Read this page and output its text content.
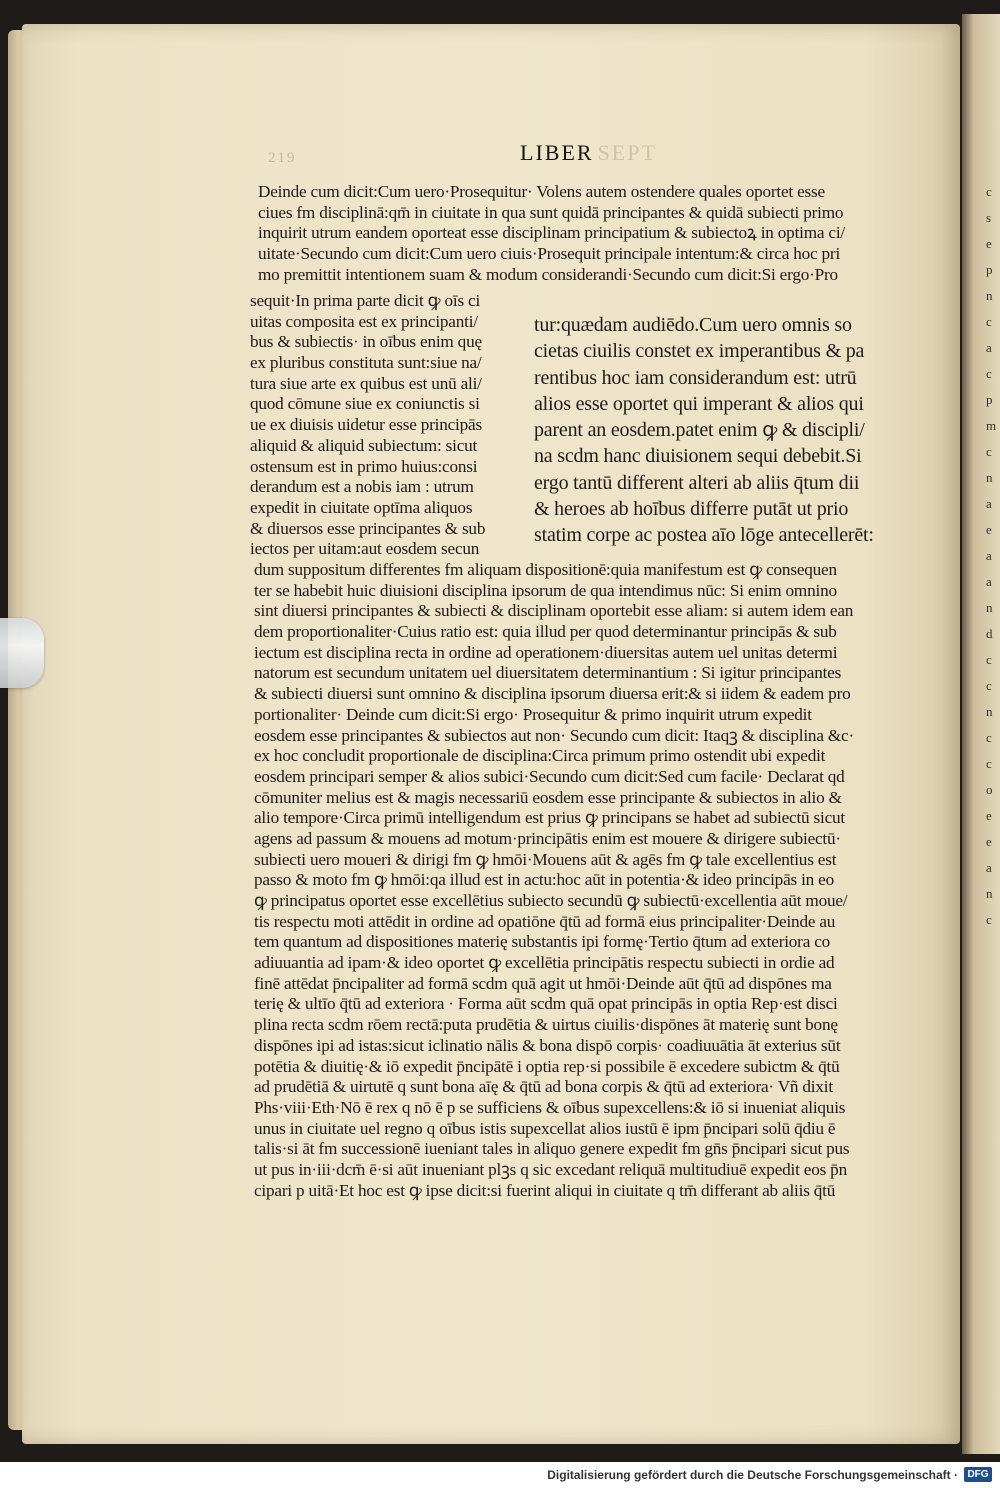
c
s
e
p
n
c
a
c
p
m
c
n
a
e
a
a
n
d
c
c
n
c
c
o
e
e
a
n
c
219	LIBER SEPT
Deinde cum dicit:Cum uero·Prosequitur· Volens autem ostendere quales oportet esse
ciues fm disciplinā:qm̄ in ciuitate in qua sunt quidā principantes & quidā subiecti primo
inquirit utrum eandem oporteat esse disciplinam principatium & subiectoꝝ in optima ci/
uitate·Secundo cum dicit:Cum uero ciuis·Prosequit principale intentum:& circa hoc pri
mo premittit intentionem suam & modum considerandi·Secundo cum dicit:Si ergo·Pro
sequit·In prima parte dicit ꝙ oīs ci
uitas composita est ex principanti/
bus & subiectis· in oībus enim quę
ex pluribus constituta sunt:siue na/
tura siue arte ex quibus est unū ali/
quod cōmune siue ex coniunctis si
ue ex diuisis uidetur esse principās
aliquid & aliquid subiectum: sicut
ostensum est in primo huius:consi
derandum est a nobis iam : utrum
expedit in ciuitate optīma aliquos
& diuersos esse principantes & sub
iectos per uitam:aut eosdem secun
tur:quædam audiēdo.Cum uero omnis so
cietas ciuilis constet ex imperantibus & pa
rentibus hoc iam considerandum est: utrū
alios esse oportet qui imperant & alios qui
parent an eosdem.patet enim ꝙ & discipli/
na scdm hanc diuisionem sequi debebit.Si
ergo tantū different alteri ab aliis q̄tum dii
& heroes ab hoībus differre putāt ut prio
statim corpe ac postea aīo lōge antecellerēt:
dum suppositum differentes fm aliquam dispositionē:quia manifestum est ꝙ consequen
ter se habebit huic diuisioni disciplina ipsorum de qua intendimus nūc: Si enim omnino
sint diuersi principantes & subiecti & disciplinam oportebit esse aliam: si autem idem ean
dem proportionaliter·Cuius ratio est: quia illud per quod determinantur principās & sub
iectum est disciplina recta in ordine ad operationem·diuersitas autem uel unitas determi
natorum est secundum unitatem uel diuersitatem determinantium : Si igitur principantes
& subiecti diuersi sunt omnino & disciplina ipsorum diuersa erit:& si iidem & eadem pro
portionaliter· Deinde cum dicit:Si ergo· Prosequitur & primo inquirit utrum expedit
eosdem esse principantes & subiectos aut non· Secundo cum dicit: Itaqꝫ & disciplina &c·
ex hoc concludit proportionale de disciplina:Circa primum primo ostendit ubi expedit
eosdem principari semper & alios subici·Secundo cum dicit:Sed cum facile· Declarat qd
cōmuniter melius est & magis necessariū eosdem esse principante & subiectos in alio &
alio tempore·Circa primū intelligendum est prius ꝙ principans se habet ad subiectū sicut
agens ad passum & mouens ad motum·principātis enim est mouere & dirigere subiectū·
subiecti uero moueri & dirigi fm ꝙ hmōi·Mouens aūt & agēs fm ꝙ tale excellentius est
passo & moto fm ꝙ hmōi:qa illud est in actu:hoc aūt in potentia·& ideo principās in eo
ꝙ principatus oportet esse excellētius subiecto secundū ꝙ subiectū·excellentia aūt moue/
tis respectu moti attēdit in ordine ad opatiōne q̄tū ad formā eius principaliter·Deinde au
tem quantum ad dispositiones materię substantis ipi formę·Tertio q̄tum ad exteriora co
adiuuantia ad ipam·& ideo oportet ꝙ excellētia principātis respectu subiecti in ordie ad
finē attēdat p̄ncipaliter ad formā scdm quā agit ut hmōi·Deinde aūt q̄tū ad dispōnes ma
terię & ultīo q̄tū ad exteriora · Forma aūt scdm quā opat principās in optia Rep·est disci
plina recta scdm rōem rectā:puta prudētia & uirtus ciuilis·dispōnes āt materię sunt bonę
dispōnes ipi ad istas:sicut iclinatio nālis & bona dispō corpis· coadiuuātia āt exterius sūt
potētia & diuitię·& iō expedit p̄ncipātē i optia rep·si possibile ē excedere subictm & q̄tū
ad prudētiā & uirtutē q sunt bona aīę & q̄tū ad bona corpis & q̄tū ad exteriora· Vñ dixit
Phs·viii·Eth·Nō ē rex q nō ē p se sufficiens & oībus supexcellens:& iō si inueniat aliquis
unus in ciuitate uel regno q oībus istis supexcellat alios iustū ē ipm p̄ncipari solū q̄diu ē
talis·si āt fm successionē iueniant tales in aliquo genere expedit fm gn̄s p̄ncipari sicut pus
ut pus in·iii·dcm̄ ē·si aūt inueniant plꝫs q sic excedant reliquā multitudiuē expedit eos p̄n
cipari p uitā·Et hoc est ꝙ ipse dicit:si fuerint aliqui in ciuitate q tm̄ differant ab aliis q̄tū
Digitalisierung gefördert durch die Deutsche Forschungsgemeinschaft · DFG
